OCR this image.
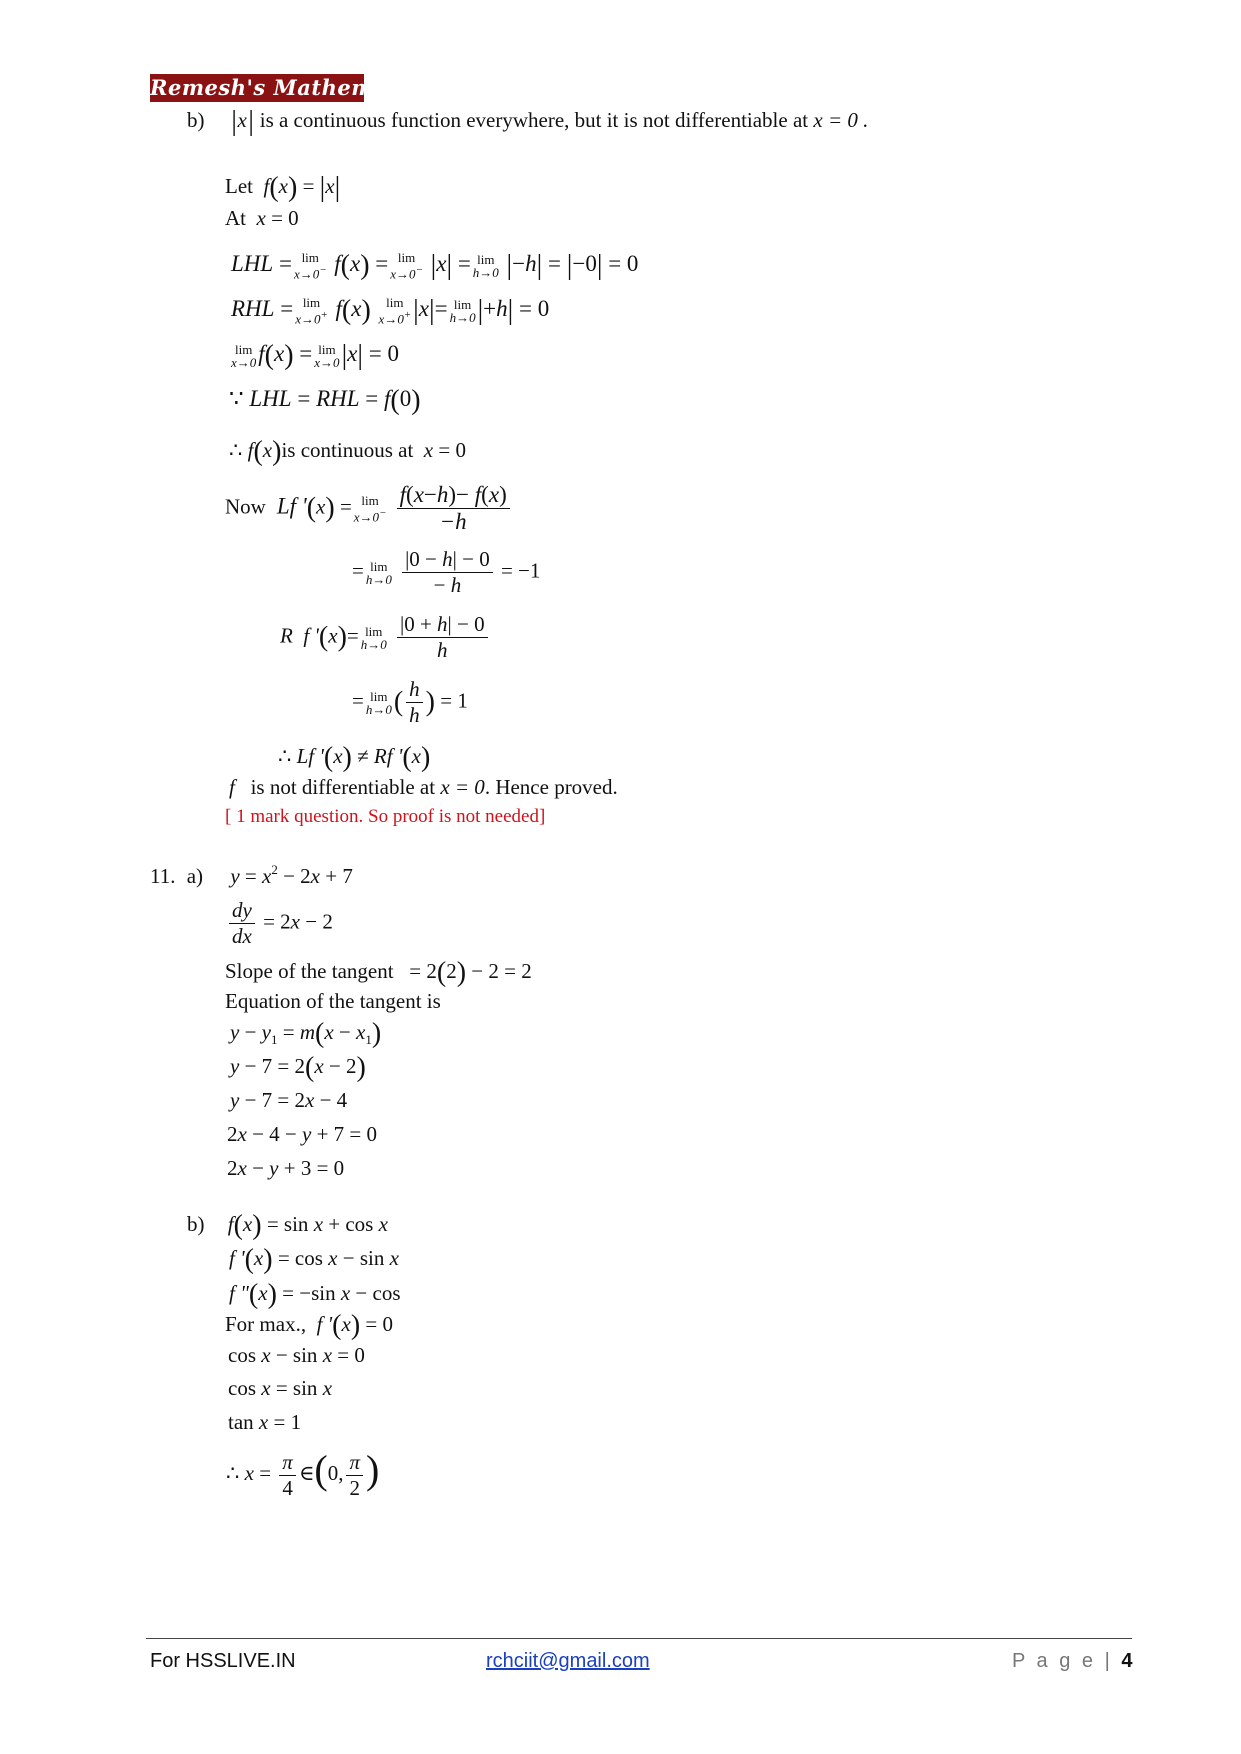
Remesh's Mathematics
b) |x| is a continuous function everywhere, but it is not differentiable at x = 0 .
Let  f(x) = |x|
At  x = 0
LHL = lim
x→0− f(x) = lim
x→0− |x| = lim
h→0 |−h| = |−0| = 0
RHL = lim
x→0+ f(x)	lim
x→0+ |x|= lim
h→0 |+h| = 0
lim
x→0 f(x) = lim
x→0 |x| = 0
∵ LHL = RHL = f(0)
∴ f(x)is continuous at  x = 0
Now  Lf '(x) = lim
x→0−
$\frac{f(x-h)- f(x)}{-h}$
= lim
h→0
$\frac{|0 - h| - 0}{- h} = -1$
R  f '(x)= lim
h→0
$\frac{|0 + h| - 0}{h}$
= lim
h→0 ( $\frac{h}{h}$ ) = 1
∴ Lf '(x) ≠ Rf '(x)
f is not differentiable at x = 0. Hence proved.
[ 1 mark question. So proof is not needed]
11. a) $y = x^2 - 2x + 7$
$\frac{dy}{dx} = 2x - 2$
Slope of the tangent   = 2(2) − 2 = 2
Equation of the tangent is
$y - y_1 = m(x - x_1)$
y − 7 = 2(x − 2)
y − 7 = 2x − 4
2x − 4 − y + 7 = 0
2x − y + 3 = 0
b) f(x) = sin x + cos x
f '(x) = cos x − sin x
f "(x) = −sin x − cos
For max., f '(x) = 0
cos x − sin x = 0
cos x = sin x
tan x = 1
∴ $x = \frac{\pi}{4}$ ∈(0, $\frac{\pi}{2}$ )
For HSSLIVE.IN	rchciit@gmail.com	P a g e | 4
